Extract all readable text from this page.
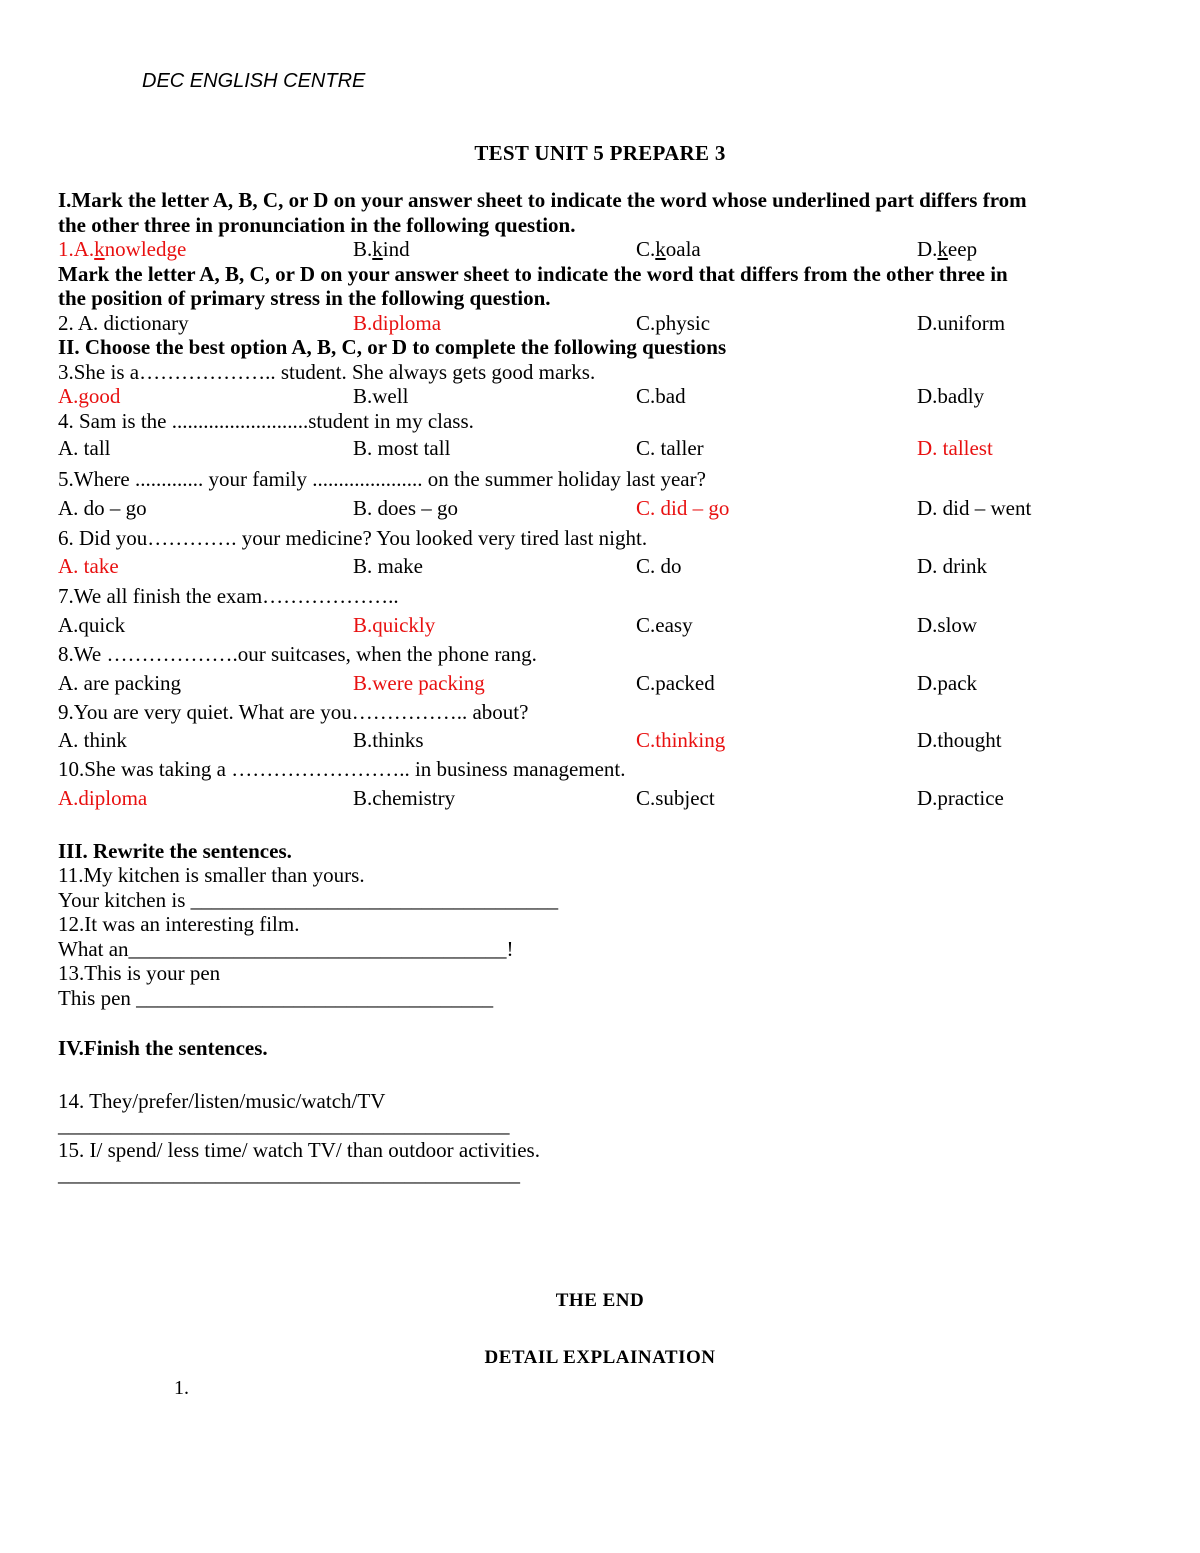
DEC ENGLISH CENTRE
TEST UNIT 5 PREPARE 3
I.Mark the letter A, B, C, or D on your answer sheet to indicate the word whose underlined part differs from
the other three in pronunciation in the following question.
1.A.knowledge	B.kind	C.koala	D.keep
Mark the letter A, B, C, or D on your answer sheet to indicate the word that differs from the other three in
the position of primary stress in the following question.
2. A. dictionary	B.diploma	C.physic	D.uniform
II. Choose the best option A, B, C, or D to complete the following questions
3.She is a……………….. student. She always gets good marks.
A.good	B.well	C.bad	D.badly
4. Sam is the ..........................student in my class.
A. tall	B. most tall	C. taller	D. tallest
5.Where ............. your family ..................... on the summer holiday last year?
A. do – go	B. does – go	C. did – go	D. did – went
6. Did you…………. your medicine? You looked very tired last night.
A. take	B. make	C. do	D. drink
7.We all finish the exam………………..
A.quick	B.quickly	C.easy	D.slow
8.We ……………….our suitcases, when the phone rang.
A. are packing	B.were packing	C.packed	D.pack
9.You are very quiet. What are you…………….. about?
A. think	B.thinks	C.thinking	D.thought
10.She was taking a …………………….. in business management.
A.diploma	B.chemistry	C.subject	D.practice
III. Rewrite the sentences.
11.My kitchen is smaller than yours.
Your kitchen is ___________________________________
12.It was an interesting film.
What an____________________________________!
13.This is your pen
This pen __________________________________
IV.Finish the sentences.
14. They/prefer/listen/music/watch/TV
___________________________________________
15. I/ spend/ less time/ watch TV/ than outdoor activities.
____________________________________________
THE END
DETAIL EXPLAINATION
1.
